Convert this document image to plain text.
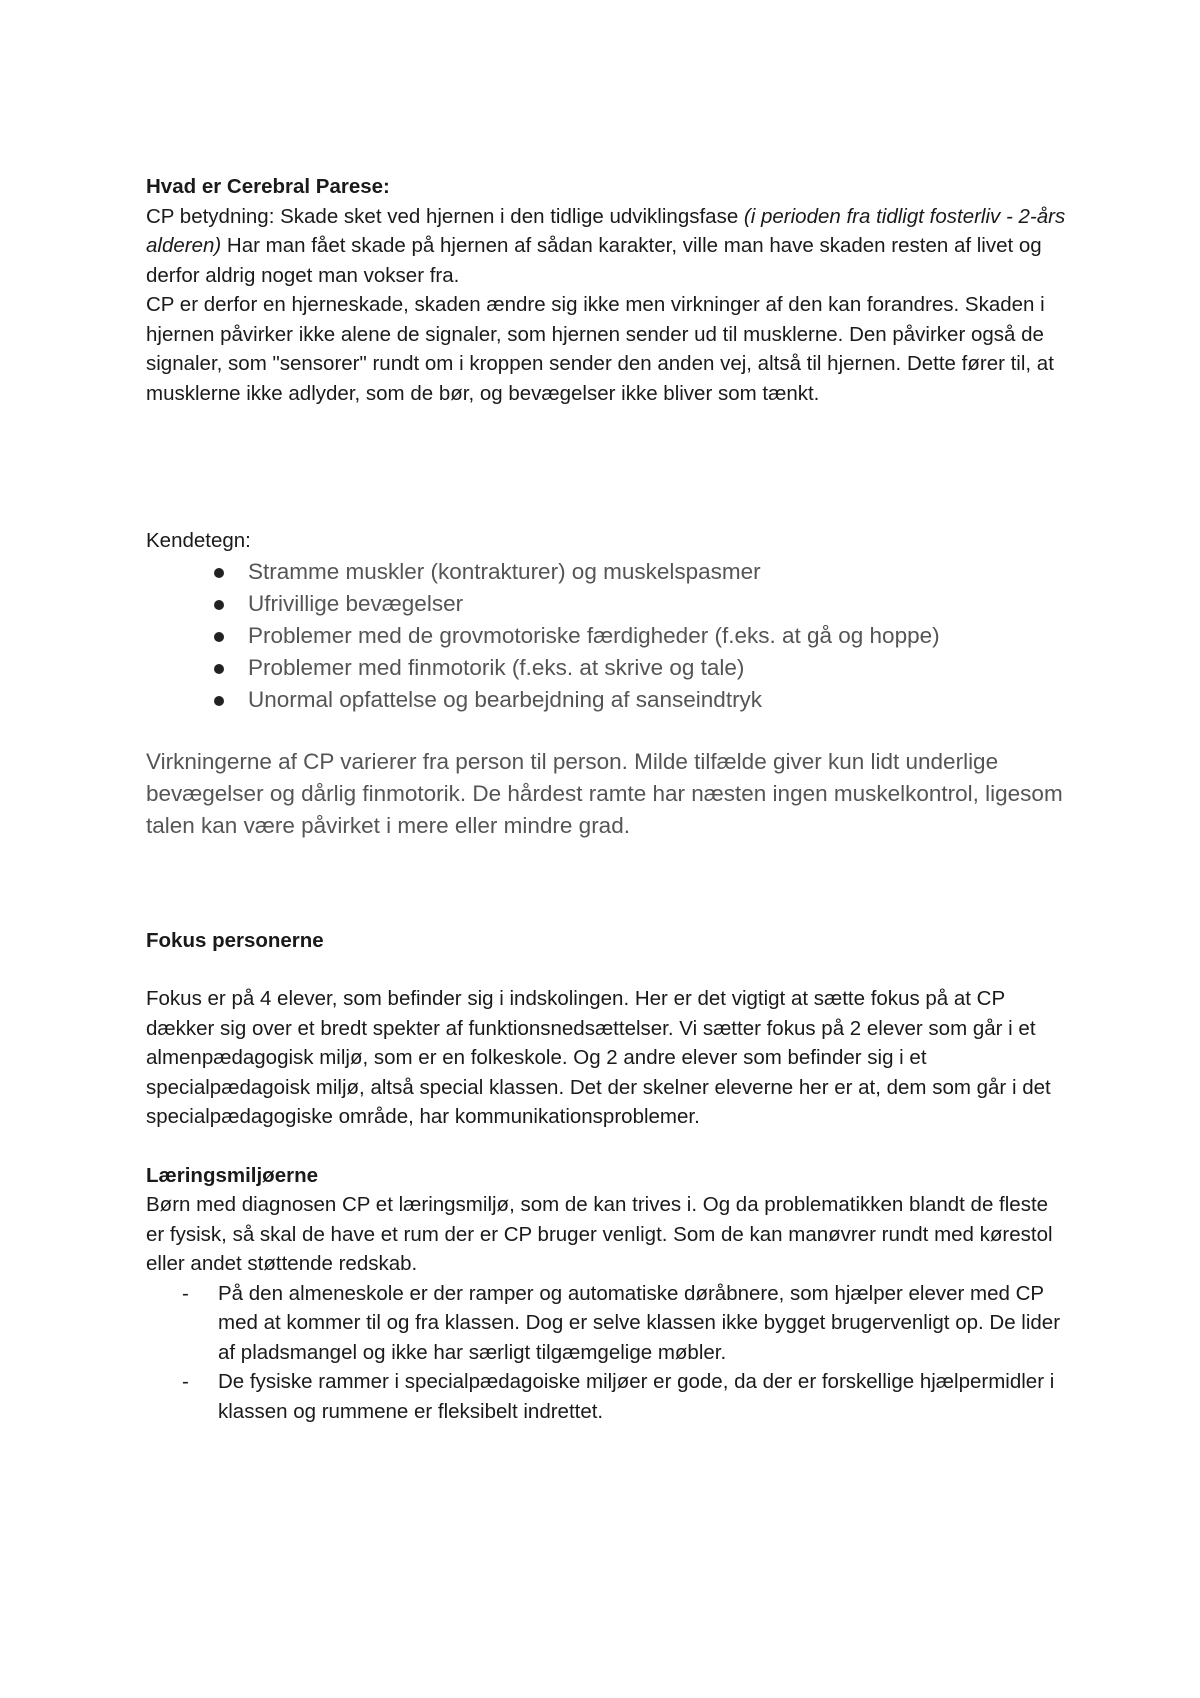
Hvad er Cerebral Parese:

CP betydning: Skade sket ved hjernen i den tidlige udviklingsfase (i perioden fra tidligt fosterliv - 2-års alderen) Har man fået skade på hjernen af sådan karakter, ville man have skaden resten af livet og derfor aldrig noget man vokser fra.

CP er derfor en hjerneskade, skaden ændre sig ikke men virkninger af den kan forandres. Skaden i hjernen påvirker ikke alene de signaler, som hjernen sender ud til musklerne. Den påvirker også de signaler, som "sensorer" rundt om i kroppen sender den anden vej, altså til hjernen. Dette fører til, at musklerne ikke adlyder, som de bør, og bevægelser ikke bliver som tænkt.

Kendetegn:

Stramme muskler (kontrakturer) og muskelspasmer
Ufrivillige bevægelser
Problemer med de grovmotoriske færdigheder (f.eks. at gå og hoppe)
Problemer med finmotorik (f.eks. at skrive og tale)
Unormal opfattelse og bearbejdning af sanseindtryk

Virkningerne af CP varierer fra person til person. Milde tilfælde giver kun lidt underlige bevægelser og dårlig finmotorik. De hårdest ramte har næsten ingen muskelkontrol, ligesom talen kan være påvirket i mere eller mindre grad.

Fokus personerne

Fokus er på 4 elever, som befinder sig i indskolingen. Her er det vigtigt at sætte fokus på at CP dækker sig over et bredt spekter af funktionsnedsættelser. Vi sætter fokus på 2 elever som går i et almenpædagogisk miljø, som er en folkeskole. Og 2 andre elever som befinder sig i et specialpædagoisk miljø, altså special klassen. Det der skelner eleverne her er at, dem som går i det specialpædagogiske område, har kommunikationsproblemer.

Læringsmiljøerne

Børn med diagnosen CP et læringsmiljø, som de kan trives i. Og da problematikken blandt de fleste er fysisk, så skal de have et rum der er CP bruger venligt. Som de kan manøvrer rundt med kørestol eller andet støttende redskab.

- På den almeneskole er der ramper og automatiske døråbnere, som hjælper elever med CP med at kommer til og fra klassen. Dog er selve klassen ikke bygget brugervenligt op. De lider af pladsmangel og ikke har særligt tilgæmgelige møbler.
- De fysiske rammer i specialpædagoiske miljøer er gode, da der er forskellige hjælpermidler i klassen og rummene er fleksibelt indrettet.
